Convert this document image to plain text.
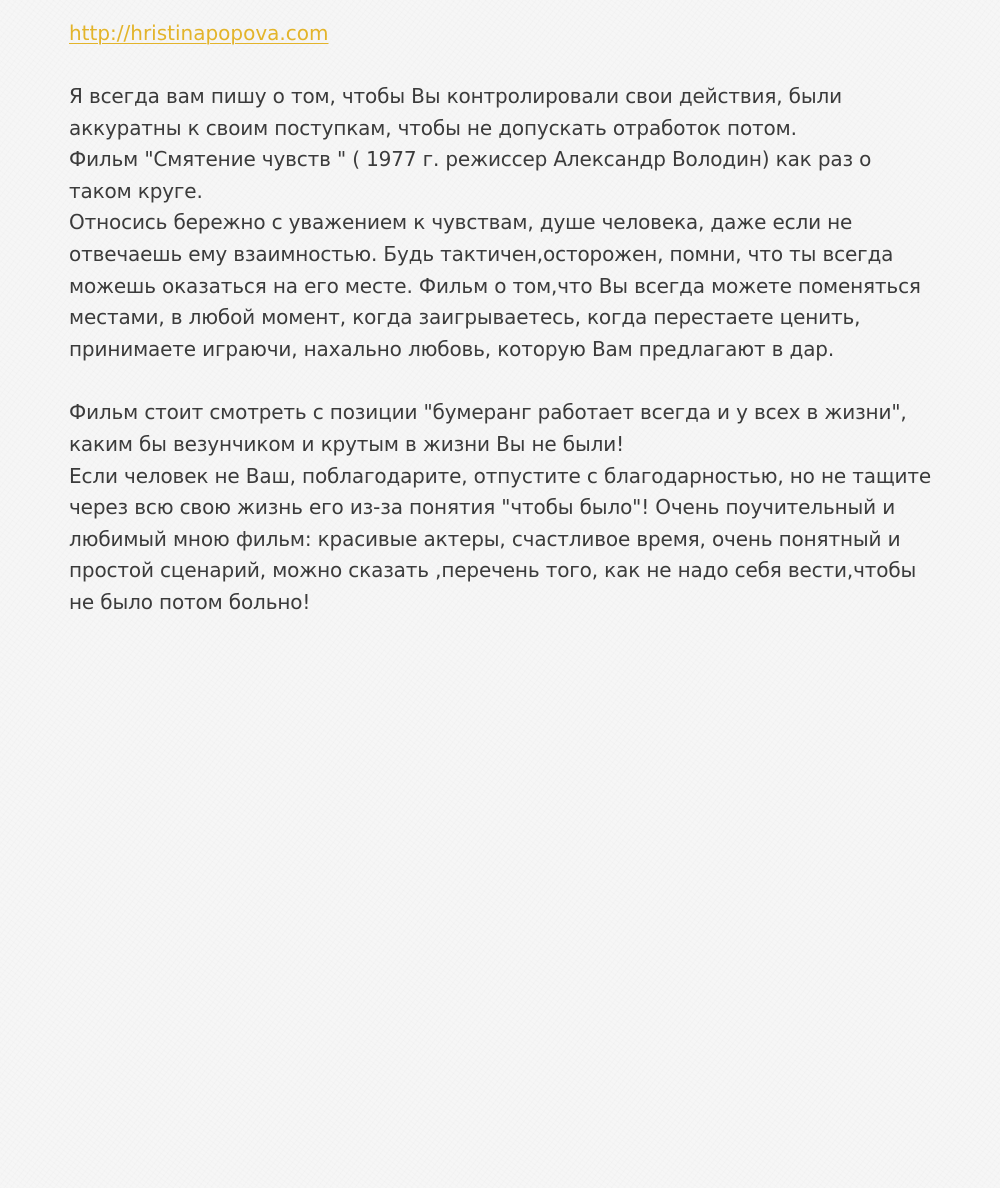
http://hristinapopova.com
Я всегда вам пишу о том, чтобы Вы контролировали свои действия, были
аккуратны к своим поступкам, чтобы не допускать отработок потом.
Фильм "Смятение чувств " ( 1977 г. режиссер Александр Володин) как раз о
таком круге.
Относись бережно с уважением к чувствам, душе человека, даже если не
отвечаешь ему взаимностью. Будь тактичен,осторожен, помни, что ты всегда
можешь оказаться на его месте. Фильм о том,что Вы всегда можете поменяться
местами, в любой момент, когда заигрываетесь, когда перестаете ценить,
принимаете играючи, нахально любовь, которую Вам предлагают в дар.
Фильм стоит смотреть с позиции "бумеранг работает всегда и у всех в жизни",
каким бы везунчиком и крутым в жизни Вы не были!
Если человек не Ваш, поблагодарите, отпустите с благодарностью, но не тащите
через всю свою жизнь его из-за понятия "чтобы было"! Очень поучительный и
любимый мною фильм: красивые актеры, счастливое время, очень понятный и
простой сценарий, можно сказать ,перечень того, как не надо себя вести,чтобы
не было потом больно!
